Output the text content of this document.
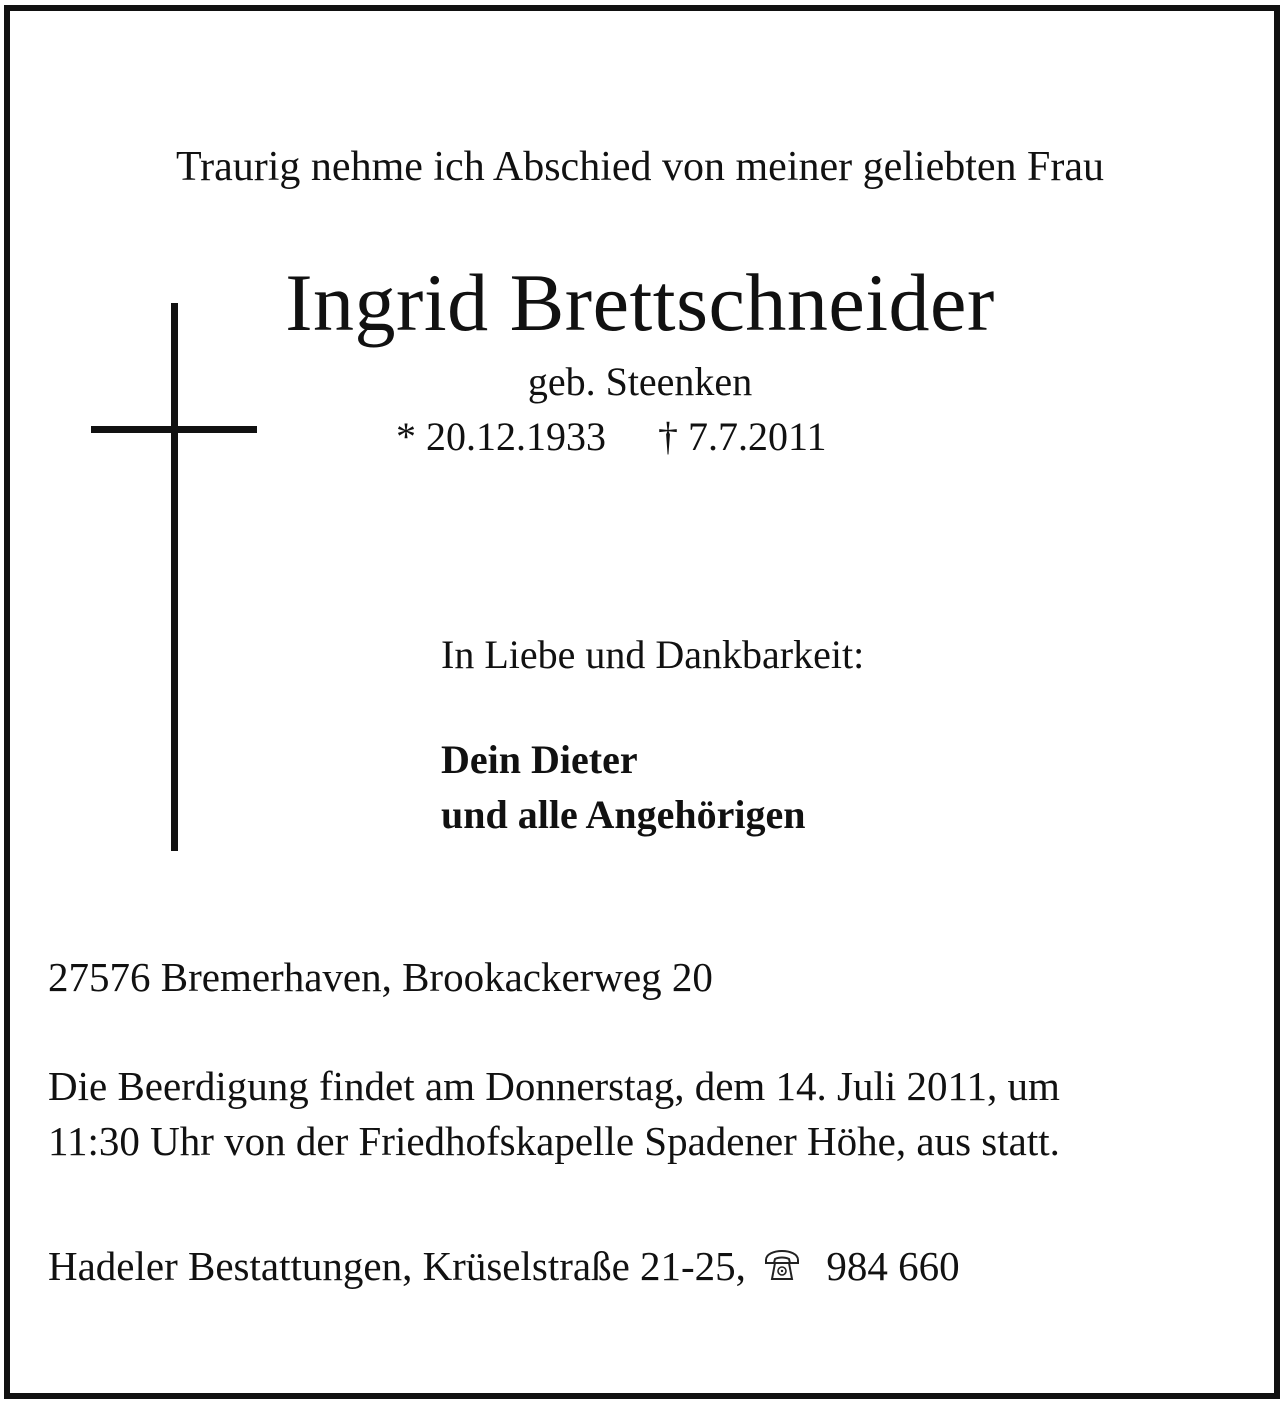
Traurig nehme ich Abschied von meiner geliebten Frau
Ingrid Brettschneider
geb. Steenken
* 20.12.1933 † 7.7.2011
In Liebe und Dankbarkeit:
Dein Dieter
und alle Angehörigen
27576 Bremerhaven, Brookackerweg 20
Die Beerdigung findet am Donnerstag, dem 14. Juli 2011, um
11:30 Uhr von der Friedhofskapelle Spadener Höhe, aus statt.
Hadeler Bestattungen, Krüselstraße 21-25, 984 660
